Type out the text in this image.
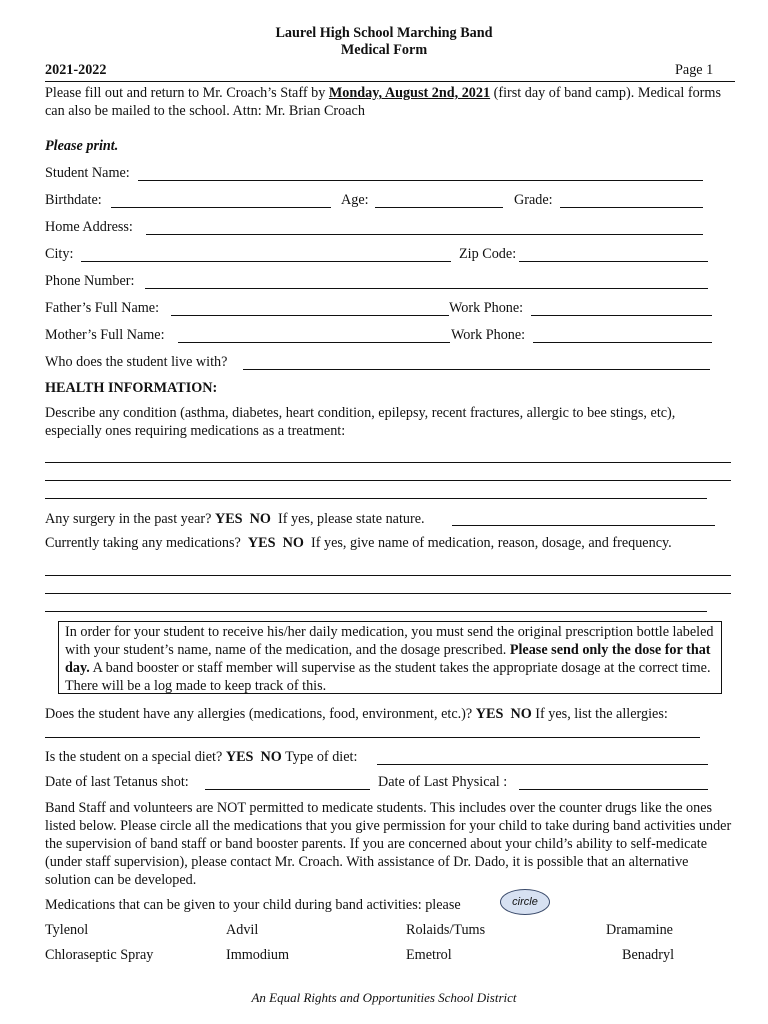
Laurel High School Marching Band
Medical Form
2021-2022	Page 1
Please fill out and return to Mr. Croach’s Staff by Monday, August 2nd, 2021 (first day of band camp). Medical forms can also be mailed to the school. Attn: Mr. Brian Croach
Please print.
Student Name:
Birthdate:	Age:	Grade:
Home Address:
City:	Zip Code:
Phone Number:
Father’s Full Name:	Work Phone:
Mother’s Full Name:	Work Phone:
Who does the student live with?
HEALTH INFORMATION:
Describe any condition (asthma, diabetes, heart condition, epilepsy, recent fractures, allergic to bee stings, etc), especially ones requiring medications as a treatment:
Any surgery in the past year? YES NO If yes, please state nature.
Currently taking any medications? YES NO If yes, give name of medication, reason, dosage, and frequency.
In order for your student to receive his/her daily medication, you must send the original prescription bottle labeled with your student’s name, name of the medication, and the dosage prescribed. Please send only the dose for that day. A band booster or staff member will supervise as the student takes the appropriate dosage at the correct time. There will be a log made to keep track of this.
Does the student have any allergies (medications, food, environment, etc.)? YES NO If yes, list the allergies:
Is the student on a special diet? YES NO Type of diet:
Date of last Tetanus shot:	Date of Last Physical :
Band Staff and volunteers are NOT permitted to medicate students. This includes over the counter drugs like the ones listed below. Please circle all the medications that you give permission for your child to take during band activities under the supervision of band staff or band booster parents. If you are concerned about your child’s ability to self-medicate (under staff supervision), please contact Mr. Croach. With assistance of Dr. Dado, it is possible that an alternative solution can be developed.
Medications that can be given to your child during band activities: please	circle
Tylenol	Advil	Rolaids/Tums	Dramamine
Chloraseptic Spray	Immodium	Emetrol	Benadryl
An Equal Rights and Opportunities School District
